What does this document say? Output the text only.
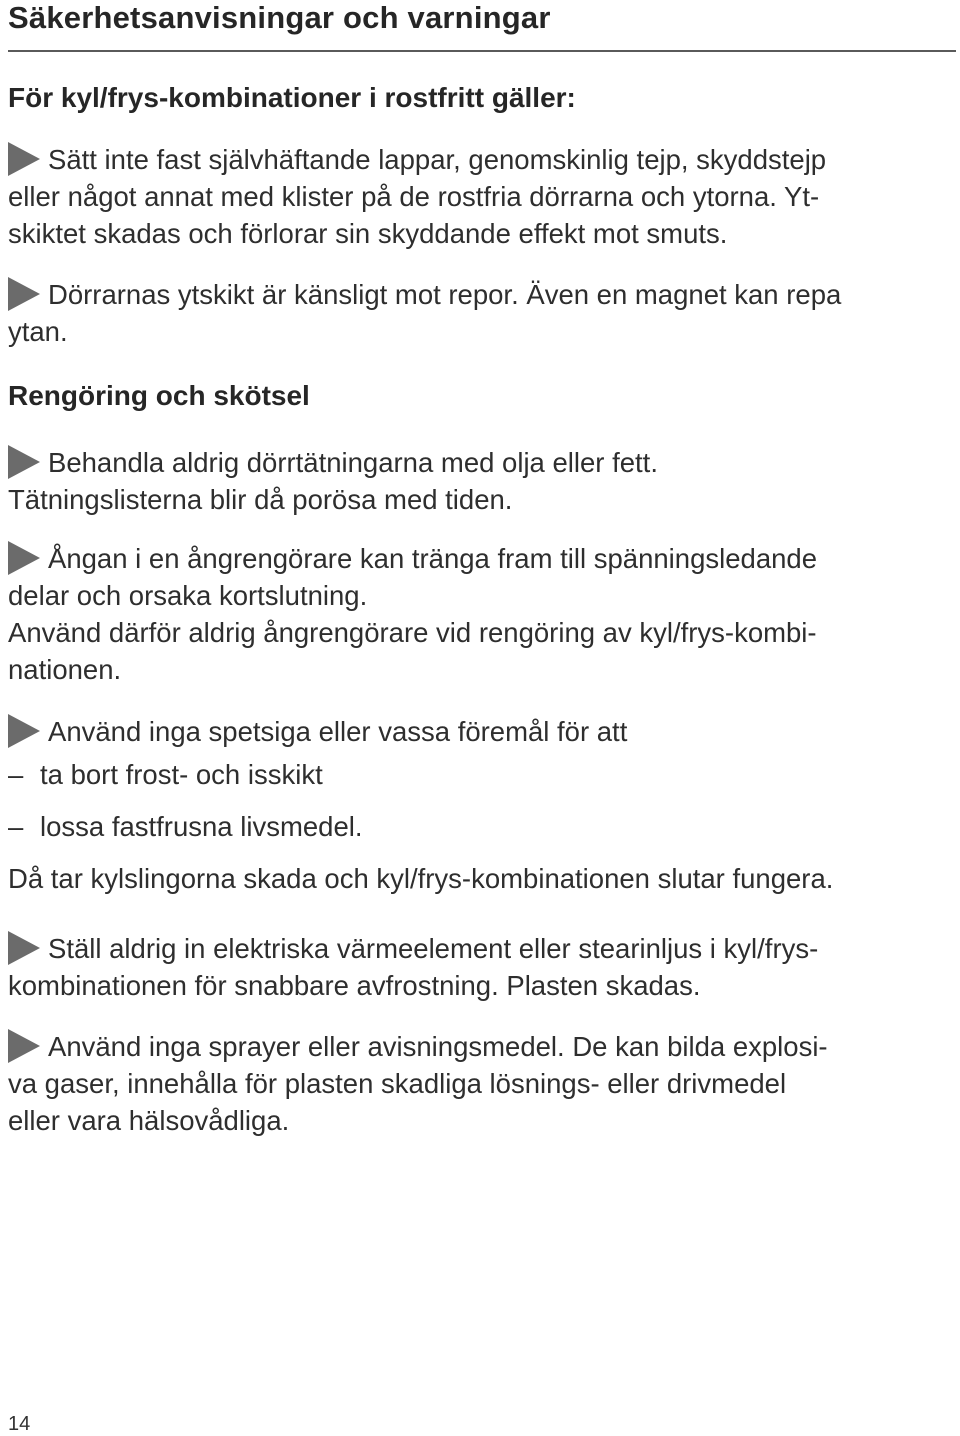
Säkerhetsanvisningar och varningar
För kyl/frys-kombinationer i rostfritt gäller:

Sätt inte fast självhäftande lappar, genomskinlig tejp, skyddstejp
eller något annat med klister på de rostfria dörrarna och ytorna. Yt-
skiktet skadas och förlorar sin skyddande effekt mot smuts.

Dörrarnas ytskikt är känsligt mot repor. Även en magnet kan repa
ytan.

Rengöring och skötsel

Behandla aldrig dörrtätningarna med olja eller fett.
Tätningslisterna blir då porösa med tiden.

Ångan i en ångrengörare kan tränga fram till spänningsledande
delar och orsaka kortslutning.
Använd därför aldrig ångrengörare vid rengöring av kyl/frys-kombi-
nationen.

Använd inga spetsiga eller vassa föremål för att

– ta bort frost- och isskikt

– lossa fastfrusna livsmedel.

Då tar kylslingorna skada och kyl/frys-kombinationen slutar fungera.

Ställ aldrig in elektriska värmeelement eller stearinljus i kyl/frys-
kombinationen för snabbare avfrostning. Plasten skadas.

Använd inga sprayer eller avisningsmedel. De kan bilda explosi-
va gaser, innehålla för plasten skadliga lösnings- eller drivmedel
eller vara hälsovådliga.

14
